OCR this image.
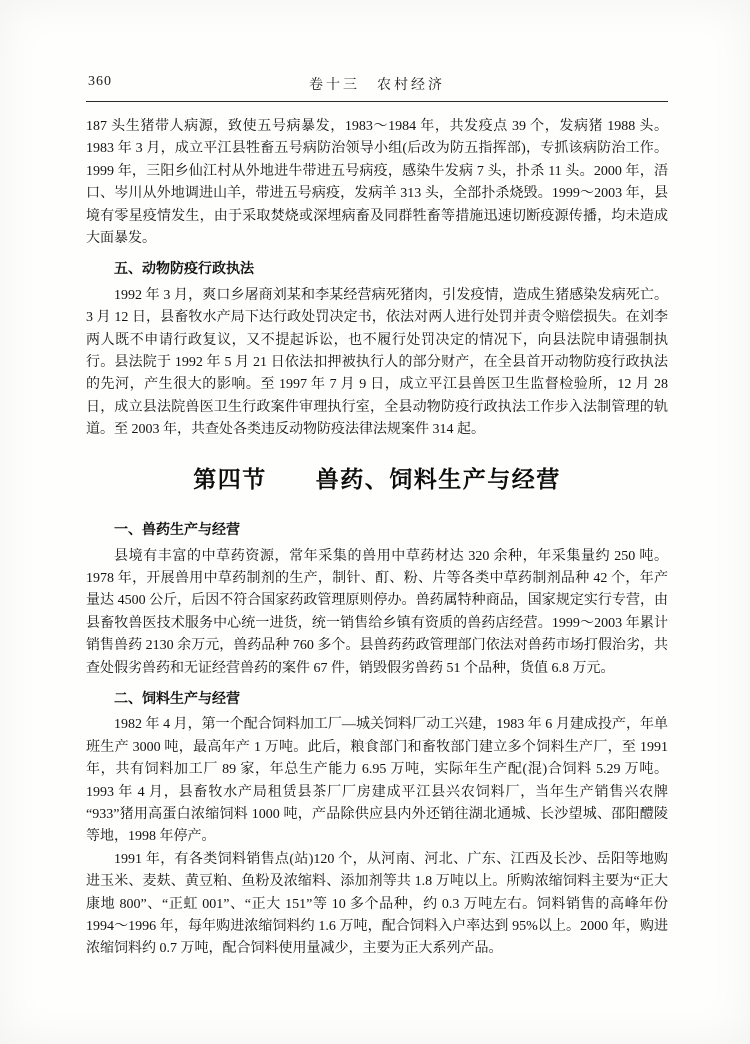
360	卷十三　农村经济

187 头生猪带人病源，致使五号病暴发，1983～1984 年，共发疫点 39 个，发病猪 1988 头。1983 年 3 月，成立平江县牲畜五号病防治领导小组(后改为防五指挥部)，专抓该病防治工作。1999 年，三阳乡仙江村从外地进牛带进五号病疫，感染牛发病 7 头，扑杀 11 头。2000 年，浯口、岑川从外地调进山羊，带进五号病疫，发病羊 313 头，全部扑杀烧毁。1999～2003 年，县境有零星疫情发生，由于采取焚烧或深埋病畜及同群牲畜等措施迅速切断疫源传播，均未造成大面暴发。

五、动物防疫行政执法

1992 年 3 月，爽口乡屠商刘某和李某经营病死猪肉，引发疫情，造成生猪感染发病死亡。3 月 12 日，县畜牧水产局下达行政处罚决定书，依法对两人进行处罚并责令赔偿损失。在刘李两人既不申请行政复议，又不提起诉讼，也不履行处罚决定的情况下，向县法院申请强制执行。县法院于 1992 年 5 月 21 日依法扣押被执行人的部分财产，在全县首开动物防疫行政执法的先河，产生很大的影响。至 1997 年 7 月 9 日，成立平江县兽医卫生监督检验所，12 月 28 日，成立县法院兽医卫生行政案件审理执行室，全县动物防疫行政执法工作步入法制管理的轨道。至 2003 年，共查处各类违反动物防疫法律法规案件 314 起。

第四节　　兽药、饲料生产与经营
一、兽药生产与经营

县境有丰富的中草药资源，常年采集的兽用中草药材达 320 余种，年采集量约 250 吨。1978 年，开展兽用中草药制剂的生产，制针、酊、粉、片等各类中草药制剂品种 42 个，年产量达 4500 公斤，后因不符合国家药政管理原则停办。兽药属特种商品，国家规定实行专营，由县畜牧兽医技术服务中心统一进货，统一销售给乡镇有资质的兽药店经营。1999～2003 年累计销售兽药 2130 余万元，兽药品种 760 多个。县兽药药政管理部门依法对兽药市场打假治劣，共查处假劣兽药和无证经营兽药的案件 67 件，销毁假劣兽药 51 个品种，货值 6.8 万元。

二、饲料生产与经营

1982 年 4 月，第一个配合饲料加工厂—城关饲料厂动工兴建，1983 年 6 月建成投产，年单班生产 3000 吨，最高年产 1 万吨。此后，粮食部门和畜牧部门建立多个饲料生产厂，至 1991 年，共有饲料加工厂 89 家，年总生产能力 6.95 万吨，实际年生产配(混)合饲料 5.29 万吨。1993 年 4 月，县畜牧水产局租赁县茶厂厂房建成平江县兴农饲料厂，当年生产销售兴农牌“933”猪用高蛋白浓缩饲料 1000 吨，产品除供应县内外还销往湖北通城、长沙望城、邵阳醴陵等地，1998 年停产。

1991 年，有各类饲料销售点(站)120 个，从河南、河北、广东、江西及长沙、岳阳等地购进玉米、麦麸、黄豆粕、鱼粉及浓缩料、添加剂等共 1.8 万吨以上。所购浓缩饲料主要为“正大康地 800”、“正虹 001”、“正大 151”等 10 多个品种，约 0.3 万吨左右。饲料销售的高峰年份 1994～1996 年，每年购进浓缩饲料约 1.6 万吨，配合饲料入户率达到 95%以上。2000 年，购进浓缩饲料约 0.7 万吨，配合饲料使用量减少，主要为正大系列产品。
